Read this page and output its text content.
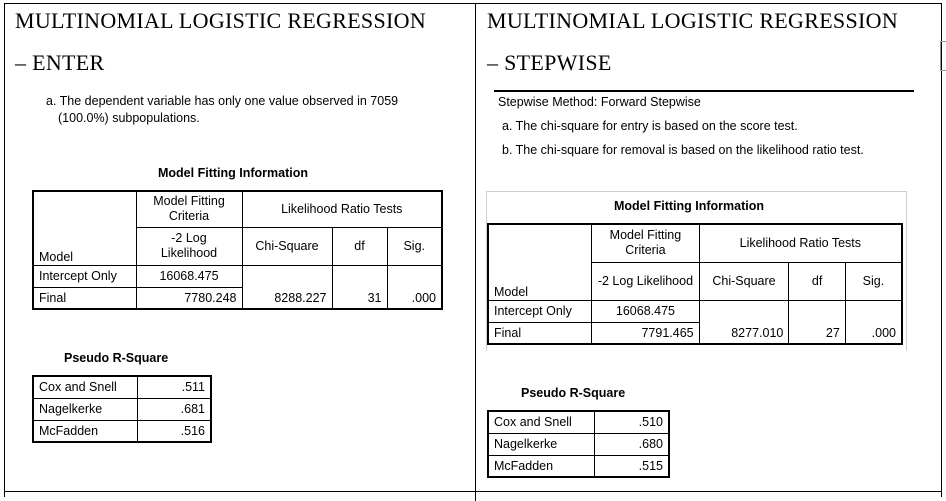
MULTINOMIAL LOGISTIC REGRESSION
– ENTER
a. The dependent variable has only one value observed in 7059
(100.0%) subpopulations.
Model Fitting Information
	Model Fitting Criteria	Likelihood Ratio Tests		
Model	-2 Log Likelihood	Chi-Square	df	Sig.
Intercept Only	16068.475			
Final	7780.248	8288.227	31	.000
Pseudo R-Square
Cox and Snell	.511
Nagelkerke	.681
McFadden	.516
MULTINOMIAL LOGISTIC REGRESSION
– STEPWISE
Stepwise Method: Forward Stepwise
a. The chi-square for entry is based on the score test.
b. The chi-square for removal is based on the likelihood ratio test.
Model Fitting Information
	Model Fitting Criteria	Likelihood Ratio Tests		
Model	-2 Log Likelihood	Chi-Square	df	Sig.
Intercept Only	16068.475			
Final	7791.465	8277.010	27	.000
Pseudo R-Square
Cox and Snell	.510
Nagelkerke	.680
McFadden	.515
